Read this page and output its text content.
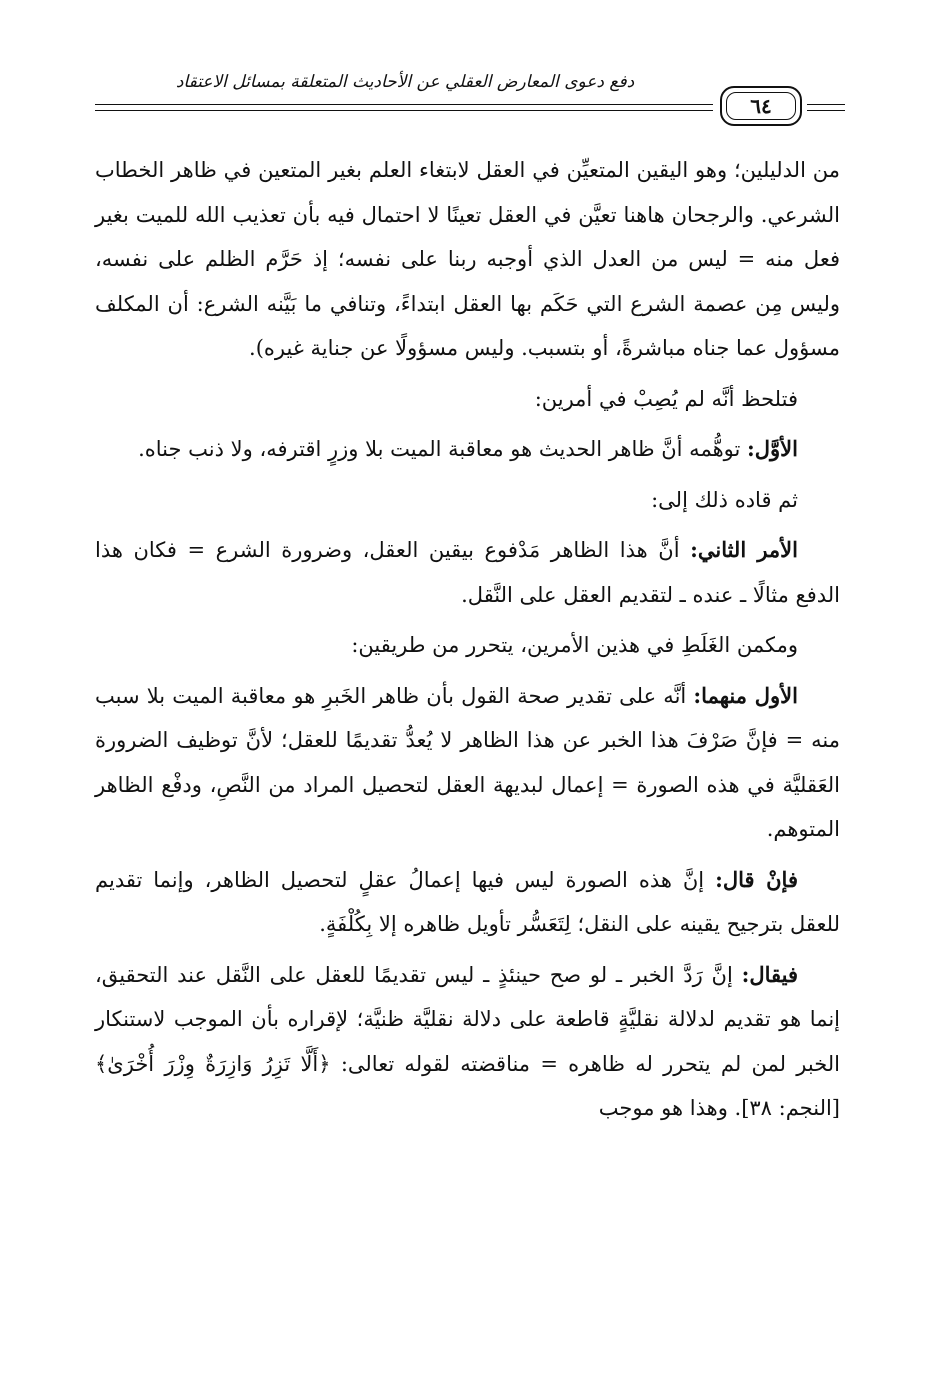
دفع دعوى المعارض العقلي عن الأحاديث المتعلقة بمسائل الاعتقاد
٦٤

من الدليلين؛ وهو اليقين المتعيِّن في العقل لابتغاء العلم بغير المتعين في ظاهر الخطاب الشرعي. والرجحان هاهنا تعيَّن في العقل تعينًا لا احتمال فيه بأن تعذيب الله للميت بغير فعل منه = ليس من العدل الذي أوجبه ربنا على نفسه؛ إذ حَرَّم الظلم على نفسه، وليس مِن عصمة الشرع التي حَكَم بها العقل ابتداءً، وتنافي ما بَيَّنه الشرع: أن المكلف مسؤول عما جناه مباشرةً، أو بتسبب. وليس مسؤولًا عن جناية غيره).

فتلحظ أنَّه لم يُصِبْ في أمرين:

الأوَّل: توهُّمه أنَّ ظاهر الحديث هو معاقبة الميت بلا وزرٍ اقترفه، ولا ذنب جناه.

ثم قاده ذلك إلى:

الأمر الثاني: أنَّ هذا الظاهر مَدْفوع بيقين العقل، وضرورة الشرع = فكان هذا الدفع مثالًا ـ عنده ـ لتقديم العقل على النَّقل.

ومكمن الغَلَطِ في هذين الأمرين، يتحرر من طريقين:

الأول منهما: أنَّه على تقدير صحة القول بأن ظاهر الخَبرِ هو معاقبة الميت بلا سبب منه = فإنَّ صَرْفَ هذا الخبر عن هذا الظاهر لا يُعدُّ تقديمًا للعقل؛ لأنَّ توظيف الضرورة العَقليَّة في هذه الصورة = إعمال لبديهة العقل لتحصيل المراد من النَّصِ، ودفْع الظاهر المتوهم.

فإنْ قال: إنَّ هذه الصورة ليس فيها إعمالُ عقلٍ لتحصيل الظاهر، وإنما تقديم للعقل بترجيح يقينه على النقل؛ لِتَعَسُّر تأويل ظاهره إلا بِكُلْفَةٍ.

فيقال: إنَّ رَدَّ الخبر ـ لو صح حينئذٍ ـ ليس تقديمًا للعقل على النَّقل عند التحقيق، إنما هو تقديم لدلالة نقليَّةٍ قاطعة على دلالة نقليَّة ظنيَّة؛ لإقراره بأن الموجب لاستنكار الخبر لمن لم يتحرر له ظاهره = مناقضته لقوله تعالى: ﴿أَلَّا تَزِرُ وَازِرَةٌ وِزْرَ أُخْرَىٰ﴾ [النجم: ٣٨]. وهذا هو موجب
